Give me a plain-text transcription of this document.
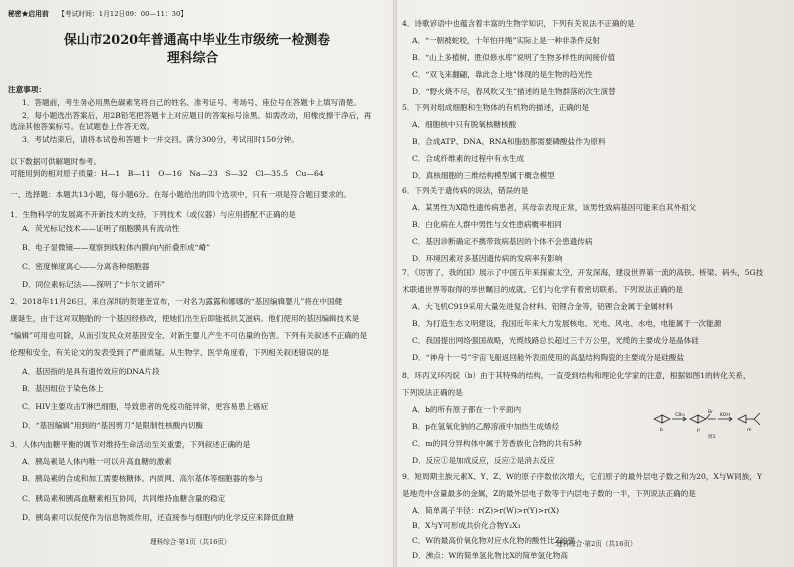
秘密★启用前 【考试时间：1月12日09：00—11：30】
保山市2020年普通高中毕业生市级统一检测卷
理科综合
注意事项：
1．答题前，考生务必用黑色碳素笔将自己的姓名、准考证号、考场号、座位号在答题卡上填写清楚。
2．每小题选出答案后，用2B铅笔把答题卡上对应题目的答案标号涂黑。如需改动，用橡皮擦干净后，再
选涂其他答案标号。在试题卷上作答无效。
3．考试结束后，请将本试卷和答题卡一并交回。满分300分，考试用时150分钟。
以下数据可供解题时参考。
可能用到的相对原子质量：H—1　B—11　O—16　Na—23　S—32　Cl—35.5　Cu—64
一、选择题：本题共13小题，每小题6分。在每小题给出的四个选项中，只有一项是符合题目要求的。
1．生物科学的发展离不开新技术的支持，下列技术（或仪器）与应用搭配不正确的是
A．荧光标记技术——证明了细胞膜具有流动性
B．电子显微镜——观察到线粒体内膜向内折叠形成“嵴”
C．密度梯度离心——分离各种细胞器
D．同位素标记法——探明了“卡尔文循环”
2．2018年11月26日，来自深圳的贺建奎宣布，一对名为露露和娜娜的“基因编辑婴儿”将在中国健
康诞生，由于这对双胞胎的一个基因经修改，使她们出生后即能抵抗艾滋病。他们使用的基因编辑技术是
“编辑”可用也可除，从而引发民众对基因安全、对新生婴儿产生不可估量的伤害。下列有关叙述不正确的是
伦理和安全，有关论文的发表受到了严重质疑。从生物学、医学角度看，下列相关叙述错误的是
A．基因指的是具有遗传效应的DNA片段
B．基因组位于染色体上
C．HIV主要攻击T淋巴细胞，导致患者的免疫功能异常，更容易患上癌症
D．“基因编辑”用到的“基因剪刀”是限制性核酸内切酶
3．人体内血糖平衡的调节对维持生命活动至关重要，下列叙述正确的是
A．胰岛素是人体内唯一可以升高血糖的激素
B．胰岛素的合成和加工需要核糖体、内质网、高尔基体等细胞器的参与
C．胰岛素和胰高血糖素相互协同，共同维持血糖含量的稳定
D．胰岛素可以促使作为信息物质作用，还直接参与细胞内的化学反应来降低血糖
理科综合·第1页（共16页）
4．诗歌谚语中也蕴含着丰富的生物学知识，下列有关说法不正确的是
A．“一朝被蛇咬，十年怕井绳”实际上是一种非条件反射
B．“山上多植树，胜似修水库”说明了生物多样性的间接价值
C．“双飞来翻翩，靠此念上地”体现的是生物的趋光性
D．“野火烧不尽，春风吹又生”描述的是生物群落的次生演替
5．下列对组成细胞和生物体的有机物的描述，正确的是
A．细胞核中只有脱氧核糖核酸
B．合成ATP、DNA、RNA和脂肪都需要磷酸盐作为原料
C．合成纤维素的过程中有水生成
D．真核细胞的三维结构模型属于概念模型
6．下列关于遗传病的说法，错误的是
A．某男性为X隐性遗传病患者，其母亲表现正常，该男性致病基因可能来自其外祖父
B．白化病在人群中男性与女性患病概率相同
C．基因诊断确定不携带致病基因的个体不会患遗传病
D．环境因素对多基因遗传病的发病率有影响
7．《厉害了，我的国》展示了中国五年来探索太空，开发深海，建设世界第一流的高铁、桥梁、码头，5G技
术联通世界等取得的举世瞩目的成就。它们与化学有着密切联系。下列说法正确的是
A．大飞机C919采用大量先进复合材料、铝锂合金等，铝锂合金属于金属材料
B．为打造生态文明建设，我国近年来大力发展核电、光电、风电、水电，电能属于一次能源
C．我国提出网络强国战略，光缆线路总长超过三千万公里，光缆的主要成分是晶体硅
D．“神舟十一号”宇宙飞船返回舱外表面使用的高温结构陶瓷的主要成分是硅酸盐
8．环丙叉环丙烷（b）由于其特殊的结构，一直受到结构和理论化学家的注意，根据如图1的转化关系，
下列说法正确的是
A．b的所有原子都在一个平面内
B．p在氢氧化钠的乙醇溶液中加热生成烯烃
C．m的同分异构体中属于芳香族化合物的共有5种
D．反应①是加成反应，反应②是消去反应
9．短周期主族元素X、Y、Z、W的原子序数依次增大，它们原子的最外层电子数之和为20，X与W同族，Y
是地壳中含量最多的金属，Z的最外层电子数等于内层电子数的一半，下列说法正确的是
A．简单离子半径：r(Z)>r(W)>r(Y)>r(X)
B．X与Y可形成共价化合物Y₂X₃
C．W的最高价氧化物对应水化物的酸性比Z的强
D．沸点：W的简单氢化物比X的简单氢化物高
理科综合·第2页（共16页）
CBr₂
Br
KOH
b	p	m
图1
